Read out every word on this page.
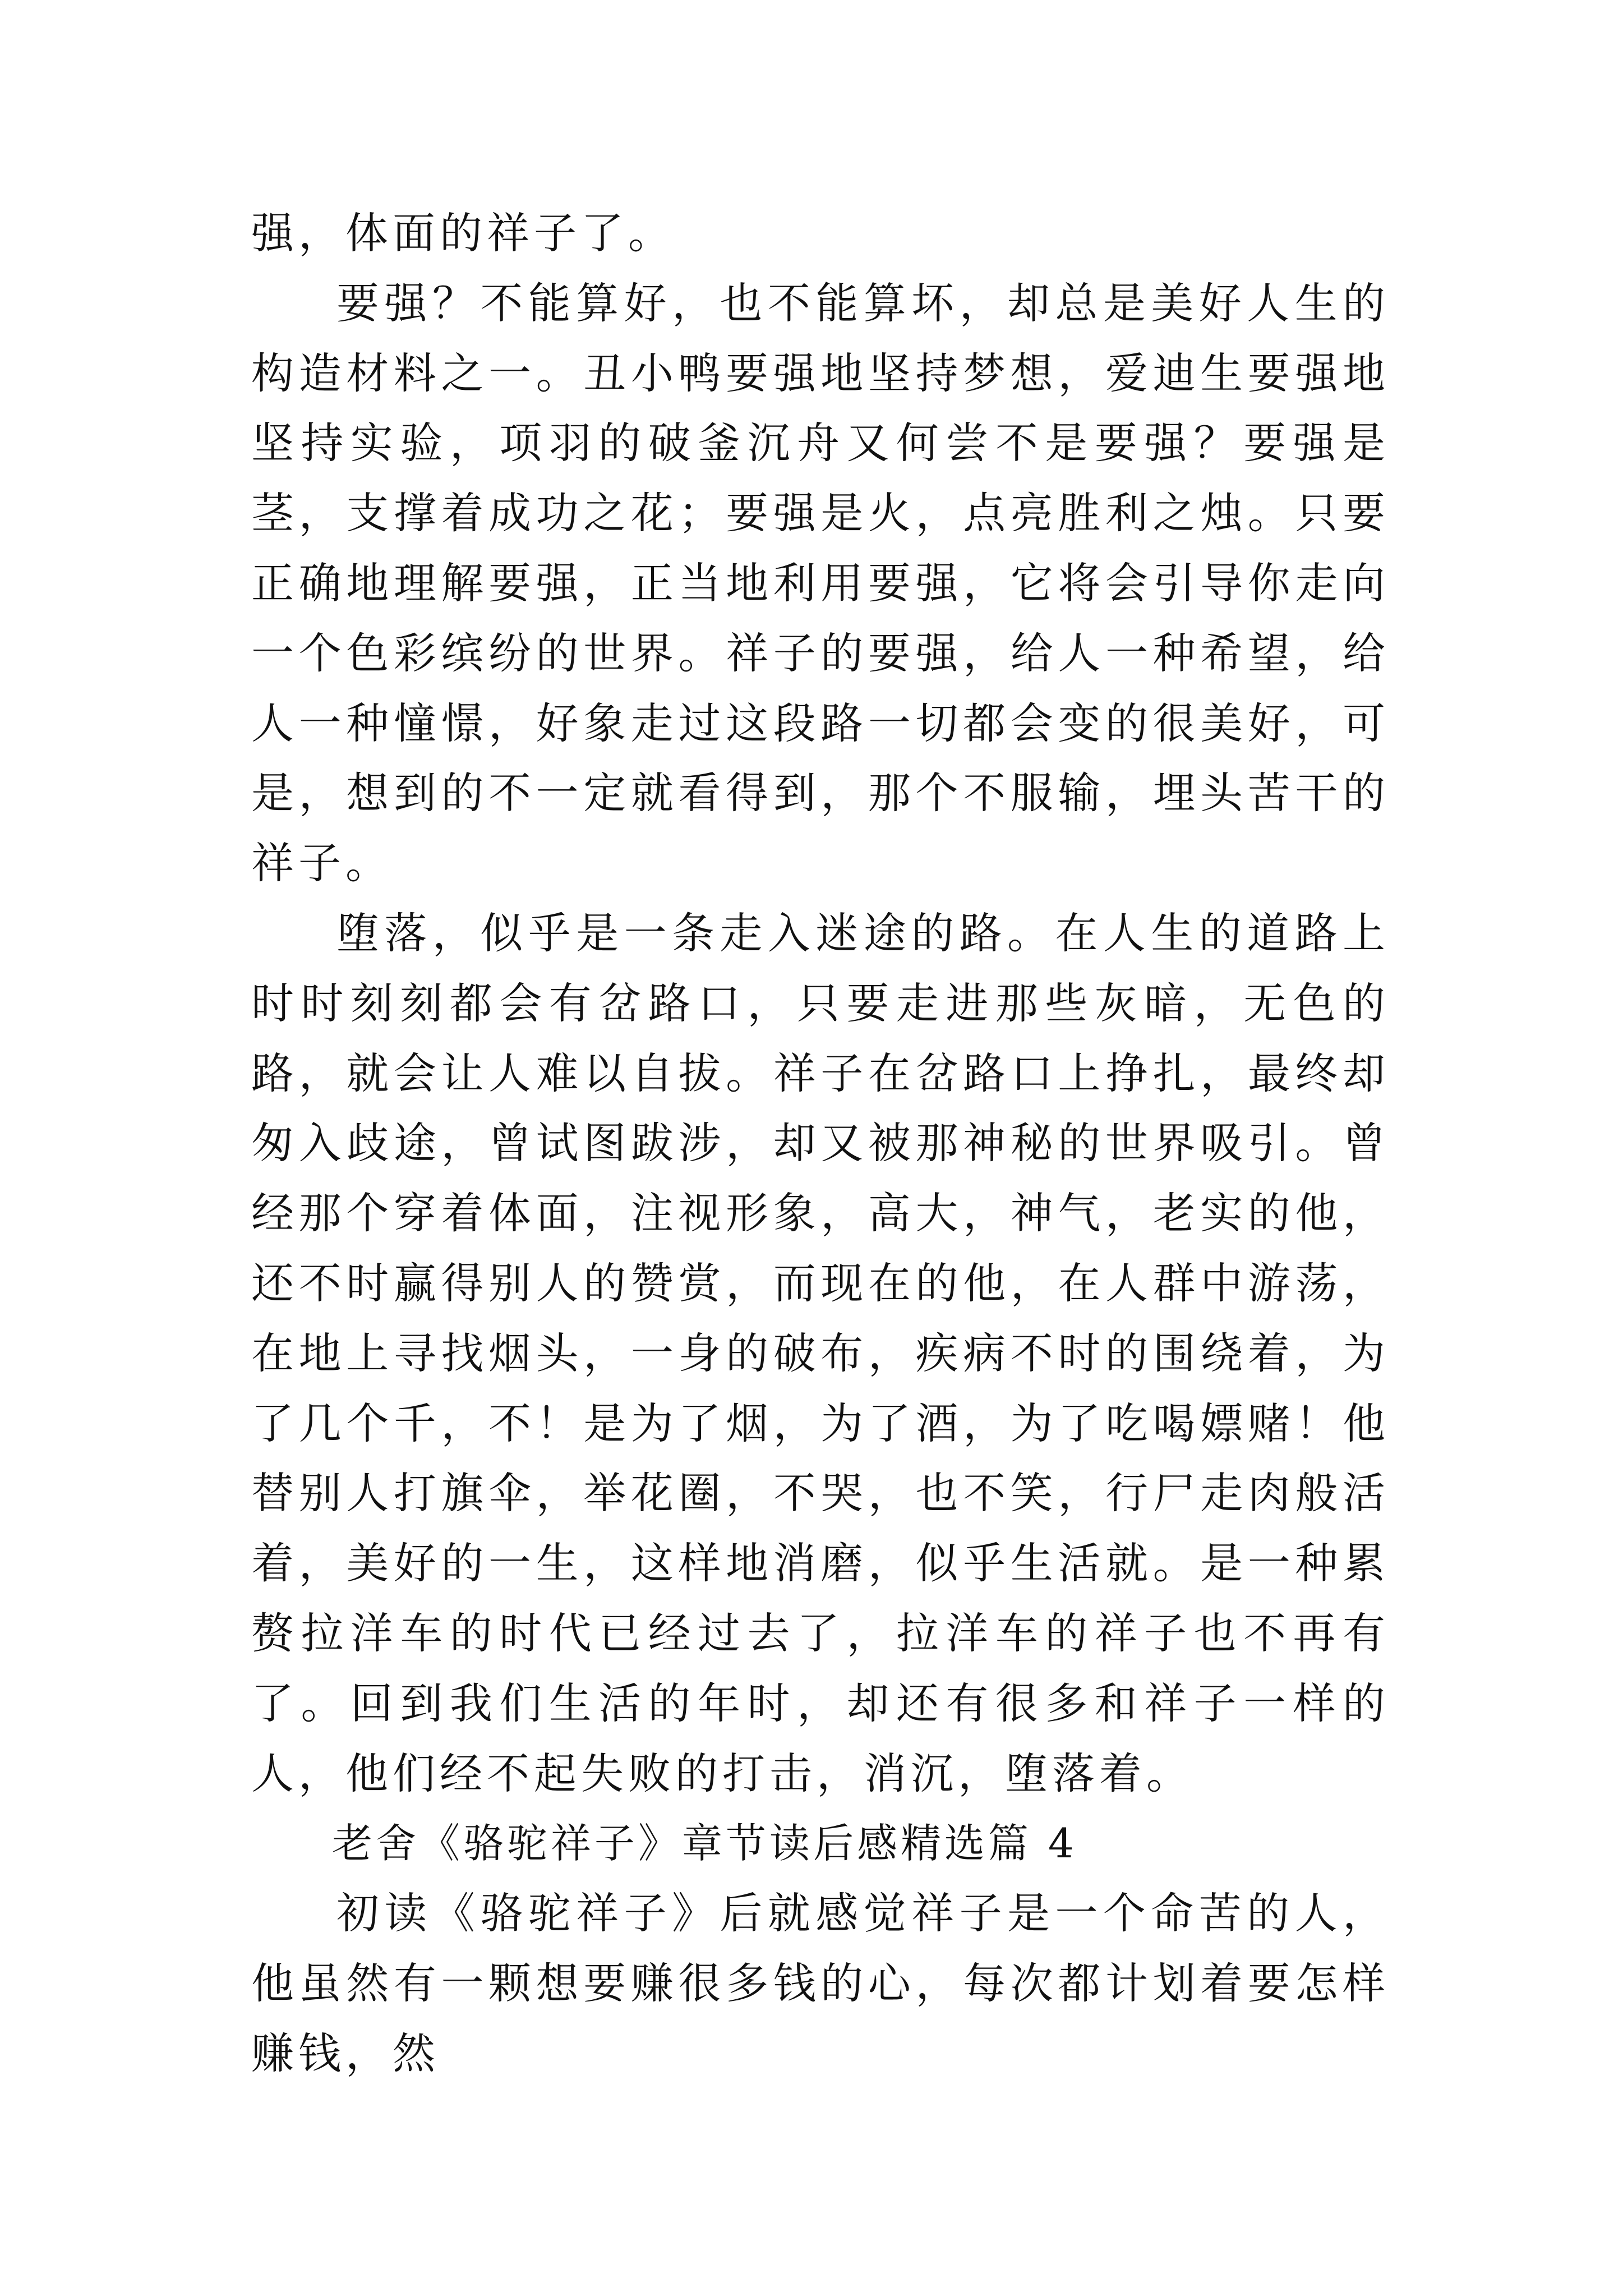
强，体面的祥子了。

要强？不能算好，也不能算坏，却总是美好人生的构造材料之一。丑小鸭要强地坚持梦想，爱迪生要强地坚持实验，项羽的破釜沉舟又何尝不是要强？要强是茎，支撑着成功之花；要强是火，点亮胜利之烛。只要正确地理解要强，正当地利用要强，它将会引导你走向一个色彩缤纷的世界。祥子的要强，给人一种希望，给人一种憧憬，好象走过这段路一切都会变的很美好，可是，想到的不一定就看得到，那个不服输，埋头苦干的祥子。

堕落，似乎是一条走入迷途的路。在人生的道路上时时刻刻都会有岔路口，只要走进那些灰暗，无色的路，就会让人难以自拔。祥子在岔路口上挣扎，最终却匆入歧途，曾试图跋涉，却又被那神秘的世界吸引。曾经那个穿着体面，注视形象，高大，神气，老实的他，还不时赢得别人的赞赏，而现在的他，在人群中游荡，在地上寻找烟头，一身的破布，疾病不时的围绕着，为了几个千，不！是为了烟，为了酒，为了吃喝嫖赌！他替别人打旗伞，举花圈，不哭，也不笑，行尸走肉般活着，美好的一生，这样地消磨，似乎生活就。是一种累赘拉洋车的时代已经过去了，拉洋车的祥子也不再有了。回到我们生活的年时，却还有很多和祥子一样的人，他们经不起失败的打击，消沉，堕落着。

老舍《骆驼祥子》章节读后感精选篇 4

初读《骆驼祥子》后就感觉祥子是一个命苦的人，他虽然有一颗想要赚很多钱的心，每次都计划着要怎样赚钱，然
